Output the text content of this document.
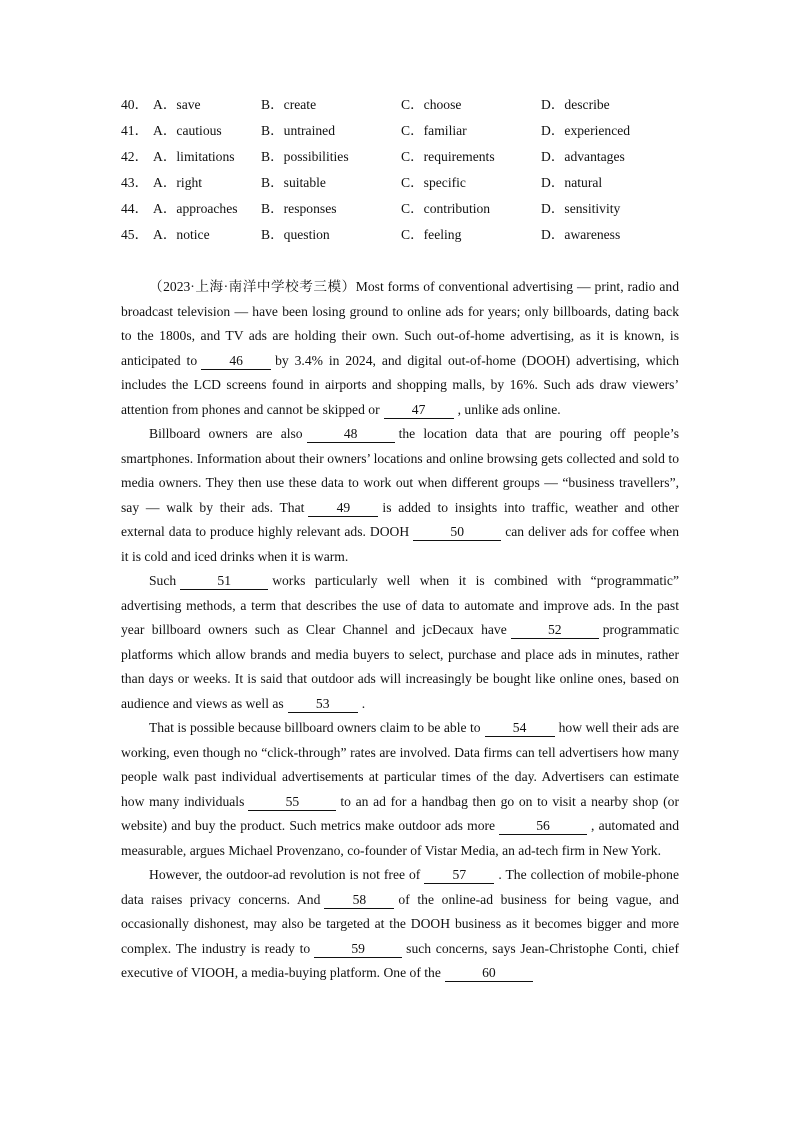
40． A．save	B．create	C．choose	D．describe
41． A．cautious	B．untrained	C．familiar	D．experienced
42． A．limitations B．possibilities	C．requirements	D．advantages
43． A．right	B．suitable	C．specific	D．natural
44． A．approaches B．responses	C．contribution	D．sensitivity
45． A．notice	B．question	C．feeling	D．awareness

（2023·上海·南洋中学校考三模）Most forms of conventional advertising — print, radio and broadcast television — have been losing ground to online ads for years; only billboards, dating back to the 1800s, and TV ads are holding their own. Such out-of-home advertising, as it is known, is anticipated to 46 by 3.4% in 2024, and digital out-of-home (DOOH) advertising, which includes the LCD screens found in airports and shopping malls, by 16%. Such ads draw viewers’ attention from phones and cannot be skipped or 47 , unlike ads online.

Billboard owners are also	48	the location data that are pouring off people’s smartphones. Information about their owners’ locations and online browsing gets collected and sold to media owners. They then use these data to work out when different groups — “business travellers”, say — walk by their ads. That 49 is added to insights into traffic, weather and other external data to produce highly relevant ads. DOOH	50	can deliver ads for coffee when it is cold and iced drinks when it is warm.

Such	51	works particularly well when it is combined with “programmatic” advertising methods, a term that describes the use of data to automate and improve ads. In the past year billboard owners such as Clear Channel and jcDecaux have	52	programmatic platforms which allow brands and media buyers to select, purchase and place ads in minutes, rather than days or weeks. It is said that outdoor ads will increasingly be bought like online ones, based on audience and views as well as 53 .

That is possible because billboard owners claim to be able to 54 how well their ads are working, even though no “click-through” rates are involved. Data firms can tell advertisers how many people walk past individual advertisements at particular times of the day. Advertisers can estimate how many individuals	55	to an ad for a handbag then go on to visit a nearby shop (or website) and buy the product. Such metrics make outdoor ads more	56	, automated and measurable, argues Michael Provenzano, co-founder of Vistar Media, an ad-tech firm in New York.

However, the outdoor-ad revolution is not free of 57 . The collection of mobile-phone data raises privacy concerns. And 58 of the online-ad business for being vague, and occasionally dishonest, may also be targeted at the DOOH business as it becomes bigger and more complex. The industry is ready to	59	such concerns, says Jean-Christophe Conti, chief executive of VIOOH, a media-buying platform. One of the	60
